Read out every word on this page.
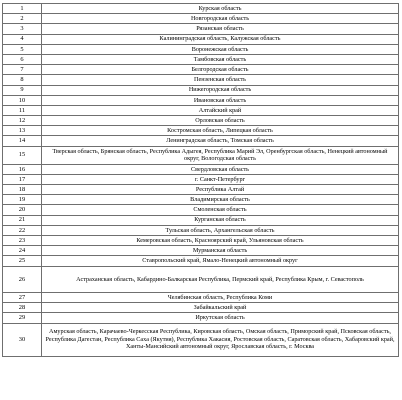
1	Курская область
2	Новгородская область
3	Рязанская область
4	Калининградская область, Калужская область
5	Воронежская область
6	Тамбовская область
7	Белгородская область
8	Пензенская область
9	Нижегородская область
10	Ивановская область
11	Алтайский край
12	Орловская область
13	Костромская область, Липецкая область
14	Ленинградская область, Томская область
15	Тверская область, Брянская область, Республика Адыгея, Республика Марий Эл, Оренбургская область, Ненецкий автономный округ, Вологодская область
16	Свердловская область
17	г. Санкт-Петербург
18	Республика Алтай
19	Владимирская область
20	Смоленская область
21	Курганская область
22	Тульская область, Архангельская область
23	Кемеровская область, Красноярский край, Ульяновская область
24	Мурманская область
25	Ставропольский край, Ямало-Ненецкий автономный округ
26	Астраханская область, Кабардино-Балкарская Республика, Пермский край, Республика Крым, г. Севастополь
27	Челябинская область, Республика Коми
28	Забайкальский край
29	Иркутская область
30	Амурская область, Карачаево-Черкесская Республика, Кировская область, Омская область, Приморский край, Псковская область, Республика Дагестан, Республика Саха (Якутия), Республика Хакасия, Ростовская область, Саратовская область, Хабаровский край, Ханты-Мансийский автономный округ, Ярославская область, г. Москва
